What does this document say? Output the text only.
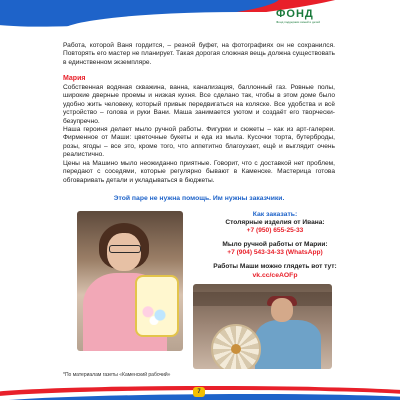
ФОНД
Фонд поддержки семей и детей
Работа, которой Ваня гордится, – резной буфет, на фотографиях он не сохранился. Повторять его мастер не планирует. Такая дорогая сложная вещь должна существовать в единственном экземпляре.
Мария
Собственная водяная скважина, ванна, канализация, баллонный газ. Ровные полы, широкие дверные проемы и низкая кухня. Все сделано так, чтобы в этом доме было удобно жить человеку, который привык передвигаться на коляске. Все удобства и всё устройство – голова и руки Вани. Маша занимается уютом и создаёт его творчески-безупречно.
Наша героиня делает мыло ручной работы. Фигурки и сюжеты – как из арт-галереи. Фирменное от Маши: цветочные букеты и еда из мыла. Кусочки торта, бутерброды, розы, ягоды – все это, кроме того, что аппетитно благоухает, ещё и выглядит очень реалистично.
Цены на Машино мыло неожиданно приятные. Говорит, что с доставкой нет проблем, передают с соседями, которые регулярно бывают в Каменске. Мастерица готова обговаривать детали и укладываться в бюджеты.
Этой паре не нужна помощь. Им нужны заказчики.
Как заказать:
Столярные изделия от Ивана:
+7 (950) 655-25-33
Мыло ручной работы от Марии:
+7 (904) 543-34-33 (WhatsApp)
Работы Маши можно глядеть вот тут:
vk.cc/ceAOFp
*По материалам газеты «Каменский рабочий»
7
